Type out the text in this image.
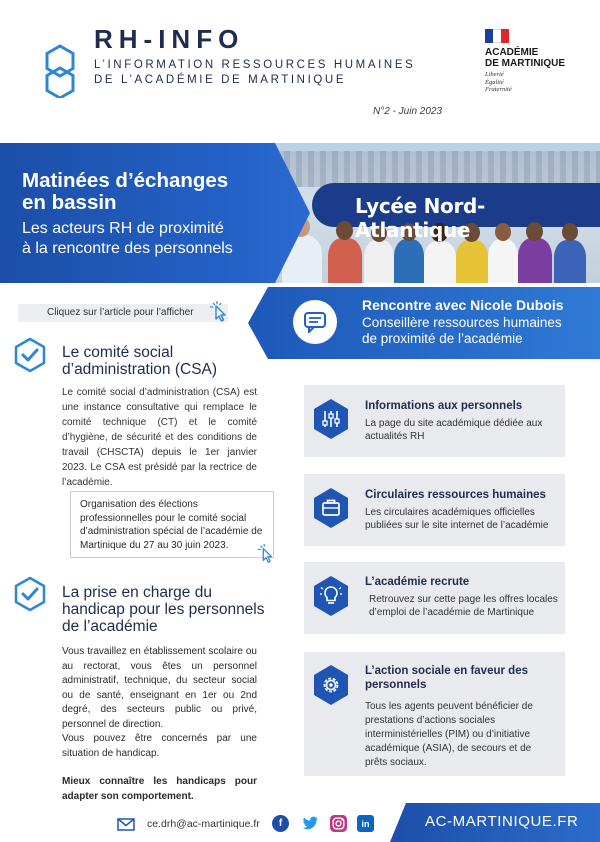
RH-INFO
L’INFORMATION RESSOURCES HUMAINES
DE L’ACADÉMIE DE MARTINIQUE
ACADÉMIE
DE MARTINIQUE
Liberté
Égalité
Fraternité
N°2 - Juin 2023
Lycée Nord-Atlantique
Matinées d’échanges
en bassin
Les acteurs RH de proximité
à la rencontre des personnels
Cliquez sur l’article pour l’afficher	Rencontre avec Nicole Dubois
Conseillère ressources humaines
de proximité de l’académie
Le comité social
d’administration (CSA)
Le comité social d’administration (CSA) est une instance consultative qui remplace le comité technique (CT) et le comité d’hygiène, de sécurité et des conditions de travail (CHSCTA) depuis le 1er janvier 2023. Le CSA est présidé par la rectrice de l’académie.
Organisation des élections professionnelles pour le comité social d’administration spécial de l’académie de Martinique du 27 au 30 juin 2023.
La prise en charge du
handicap pour les personnels
de l’académie

Vous travaillez en établissement scolaire ou au rectorat, vous êtes un personnel administratif, technique, du secteur social ou de santé, enseignant en 1er ou 2nd degré, des secteurs public ou privé, personnel de direction.

Vous pouvez être concernés par une situation de handicap.

Mieux connaître les handicaps pour adapter son comportement.

Informations aux personnels
La page du site académique dédiée aux actualités RH
Circulaires ressources humaines
Les circulaires académiques officielles publiées sur le site internet de l’académie
L’académie recrute
Retrouvez sur cette page les offres locales d’emploi de l’académie de Martinique
L’action sociale en faveur des personnels
Tous les agents peuvent bénéficier de prestations d’actions sociales interministérielles (PIM) ou d’initiative académique (ASIA), de secours et de prêts sociaux.
ce.drh@ac-martinique.fr	f	in	AC-MARTINIQUE.FR
